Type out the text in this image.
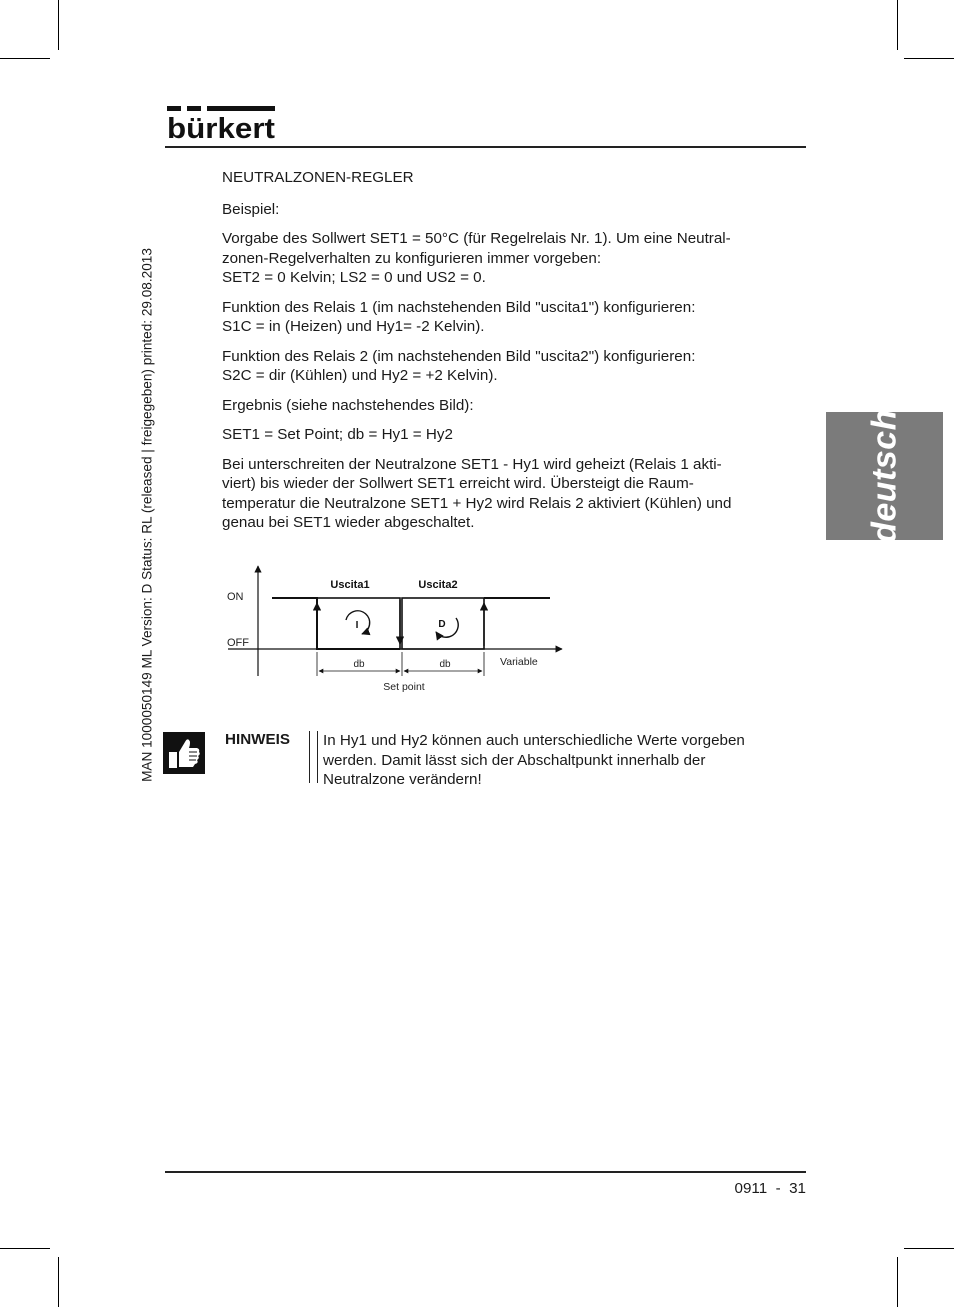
bürkert
deutsch
MAN 1000050149 ML Version: D Status: RL (released | freigegeben) printed: 29.08.2013

NEUTRALZONEN-REGLER

Beispiel:

Vorgabe des Sollwert SET1 = 50°C (für Regelrelais Nr. 1). Um eine Neutral-
zonen-Regelverhalten zu konfigurieren immer vorgeben:
SET2 = 0 Kelvin; LS2 = 0 und US2 = 0.

Funktion des Relais 1 (im nachstehenden Bild "uscita1") konfigurieren:
S1C = in (Heizen) und Hy1= -2 Kelvin).

Funktion des Relais 2 (im nachstehenden Bild "uscita2") konfigurieren:
S2C = dir (Kühlen) und Hy2 = +2 Kelvin).

Ergebnis (siehe nachstehendes Bild):

SET1 = Set Point; db = Hy1 = Hy2

Bei unterschreiten der Neutralzone SET1 - Hy1 wird geheizt (Relais 1 akti-
viert) bis wieder der Sollwert SET1 erreicht wird. Übersteigt die Raum-
temperatur die Neutralzone SET1 + Hy2 wird Relais 2 aktiviert (Kühlen) und
genau bei SET1 wieder abgeschaltet.

ON
OFF
Uscita1	Uscita2
I	D
db	db	Variable
Set point
HINWEIS In Hy1 und Hy2 können auch unterschiedliche Werte vorgeben
werden. Damit lässt sich der Abschaltpunkt innerhalb der
Neutralzone verändern!
0911  -  31
